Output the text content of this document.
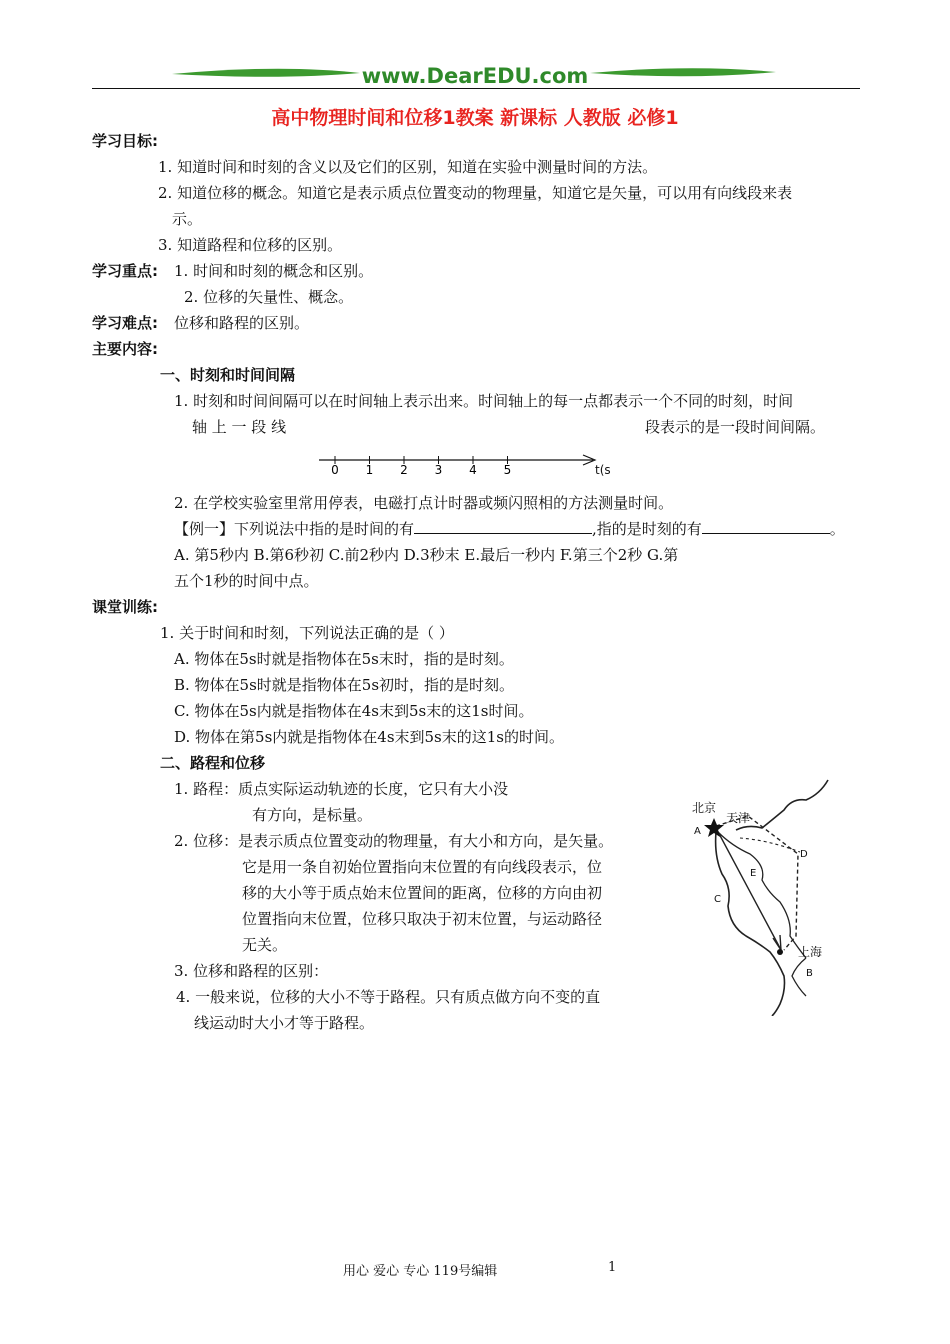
www.DearEDU.com
高中物理时间和位移1教案 新课标 人教版 必修1
学习目标:
1. 知道时间和时刻的含义以及它们的区别，知道在实验中测量时间的方法。
2. 知道位移的概念。知道它是表示质点位置变动的物理量，知道它是矢量，可以用有向线段来表
示。
3. 知道路程和位移的区别。
学习重点: 1. 时间和时刻的概念和区别。
2. 位移的矢量性、概念。
学习难点: 位移和路程的区别。
主要内容:
一、时刻和时间间隔
1. 时刻和时间间隔可以在时间轴上表示出来。时间轴上的每一点都表示一个不同的时刻，时间
轴 上 一 段 线	段表示的是一段时间间隔。
0 1 2 3 4 5	t(s
2. 在学校实验室里常用停表，电磁打点计时器或频闪照相的方法测量时间。
【例一】下列说法中指的是时间的有	,指的是时刻的有	。
A. 第5秒内 B.第6秒初 C.前2秒内 D.3秒末 E.最后一秒内 F.第三个2秒 G.第
五个1秒的时间中点。
课堂训练:
1. 关于时间和时刻，下列说法正确的是（ ）
A. 物体在5s时就是指物体在5s末时，指的是时刻。
B. 物体在5s时就是指物体在5s初时，指的是时刻。
C. 物体在5s内就是指物体在4s末到5s末的这1s时间。
D. 物体在第5s内就是指物体在4s末到5s末的这1s的时间。
二、路程和位移
1. 路程：质点实际运动轨迹的长度，它只有大小没
有方向，是标量。
2. 位移：是表示质点位置变动的物理量，有大小和方向，是矢量。
它是用一条自初始位置指向末位置的有向线段表示，位
移的大小等于质点始末位置间的距离，位移的方向由初
位置指向末位置，位移只取决于初末位置，与运动路径
无关。
3. 位移和路程的区别：
4. 一般来说，位移的大小不等于路程。只有质点做方向不变的直
线运动时大小才等于路程。
北京
天津
A
D
E
C
上海
B
用心 爱心 专心 119号编辑	1
